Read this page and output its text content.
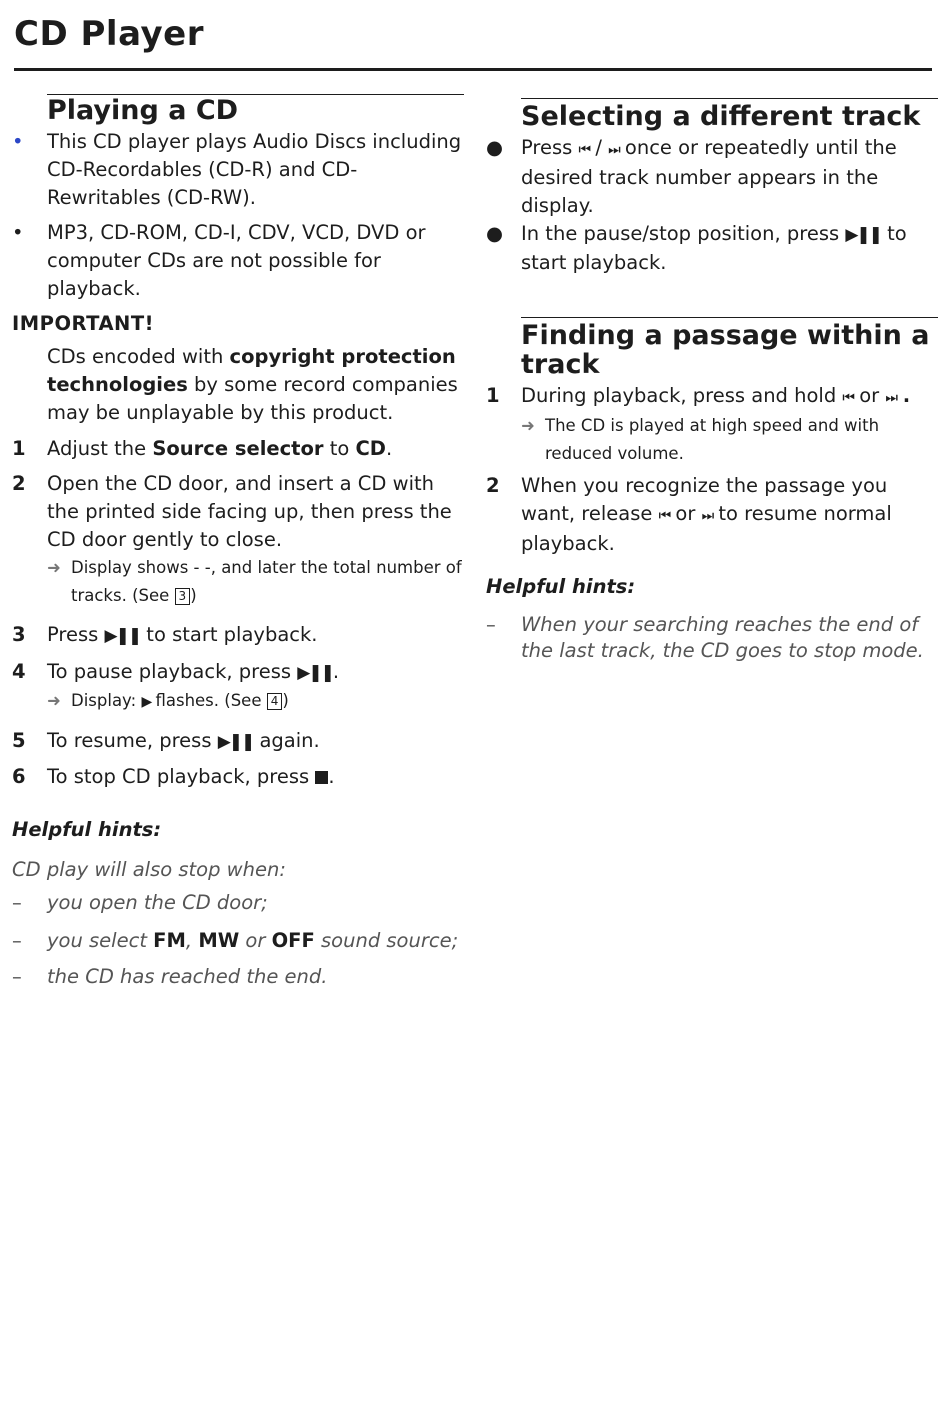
CD Player
Playing a CD
• This CD player plays Audio Discs including CD-Recordables (CD-R) and CD-Rewritables (CD-RW).
• MP3, CD-ROM, CD-I, CDV, VCD, DVD or computer CDs are not possible for playback.
IMPORTANT!
CDs encoded with copyright protection technologies by some record companies may be unplayable by this product.
1 Adjust the Source selector to CD.
2 Open the CD door, and insert a CD with the printed side facing up, then press the CD door gently to close.
➜ Display shows - -, and later the total number of tracks. (See 3 )
3 Press ▶❚❚ to start playback.
4 To pause playback, press ▶❚❚.
➜ Display: ▶ flashes. (See 4 )
5 To resume, press ▶❚❚ again.
6 To stop CD playback, press .
Helpful hints:
CD play will also stop when:
– you open the CD door;
– you select FM, MW or OFF sound source;
– the CD has reached the end.
Selecting a different track
● Press ⏮ / ⏭ once or repeatedly until the desired track number appears in the display.
● In the pause/stop position, press ▶❚❚ to start playback.
Finding a passage within a track
1 During playback, press and hold ⏮ or ⏭ .
➜ The CD is played at high speed and with reduced volume.
2 When you recognize the passage you want, release ⏮ or ⏭ to resume normal playback.
Helpful hints:
– When your searching reaches the end of the last track, the CD goes to stop mode.
